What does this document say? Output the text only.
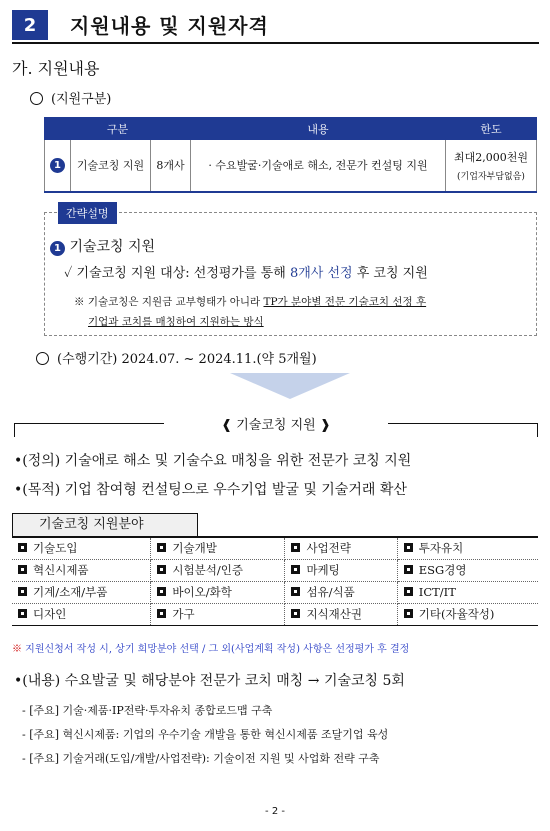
2	지원내용 및 지원자격
가. 지원내용
(지원구분)
구분			내용	한도
1	기술코칭 지원	8개사	· 수요발굴·기술애로 해소, 전문가 컨설팅 지원	최대2,000천원
(기업자부담없음)
간략설명
1 기술코칭 지원
✓ 기술코칭 지원 대상: 선정평가를 통해 8개사 선정 후 코칭 지원
※ 기술코칭은 지원금 교부형태가 아니라 TP가 분야별 전문 기술코치 선정 후
기업과 코치를 매칭하여 지원하는 방식
(수행기간) 2024.07. ~ 2024.11.(약 5개월)
❰ 기술코칭 지원 ❱
•(정의) 기술애로 해소 및 기술수요 매칭을 위한 전문가 코칭 지원
•(목적) 기업 참여형 컨설팅으로 우수기업 발굴 및 기술거래 확산
기술코칭 지원분야
기술도입	기술개발	사업전략	투자유치
혁신시제품	시험분석/인증	마케팅	ESG경영
기계/소재/부품	바이오/화학	섬유/식품	ICT/IT
디자인	가구	지식재산권	기타(자율작성)
※ 지원신청서 작성 시, 상기 희망분야 선택 / 그 외(사업계획 작성) 사항은 선정평가 후 결정
•(내용) 수요발굴 및 해당분야 전문가 코치 매칭 → 기술코칭 5회
- [주요] 기술·제품·IP전략·투자유치 종합로드맵 구축
- [주요] 혁신시제품: 기업의 우수기술 개발을 통한 혁신시제품 조달기업 육성
- [주요] 기술거래(도입/개발/사업전략): 기술이전 지원 및 사업화 전략 구축
- 2 -
